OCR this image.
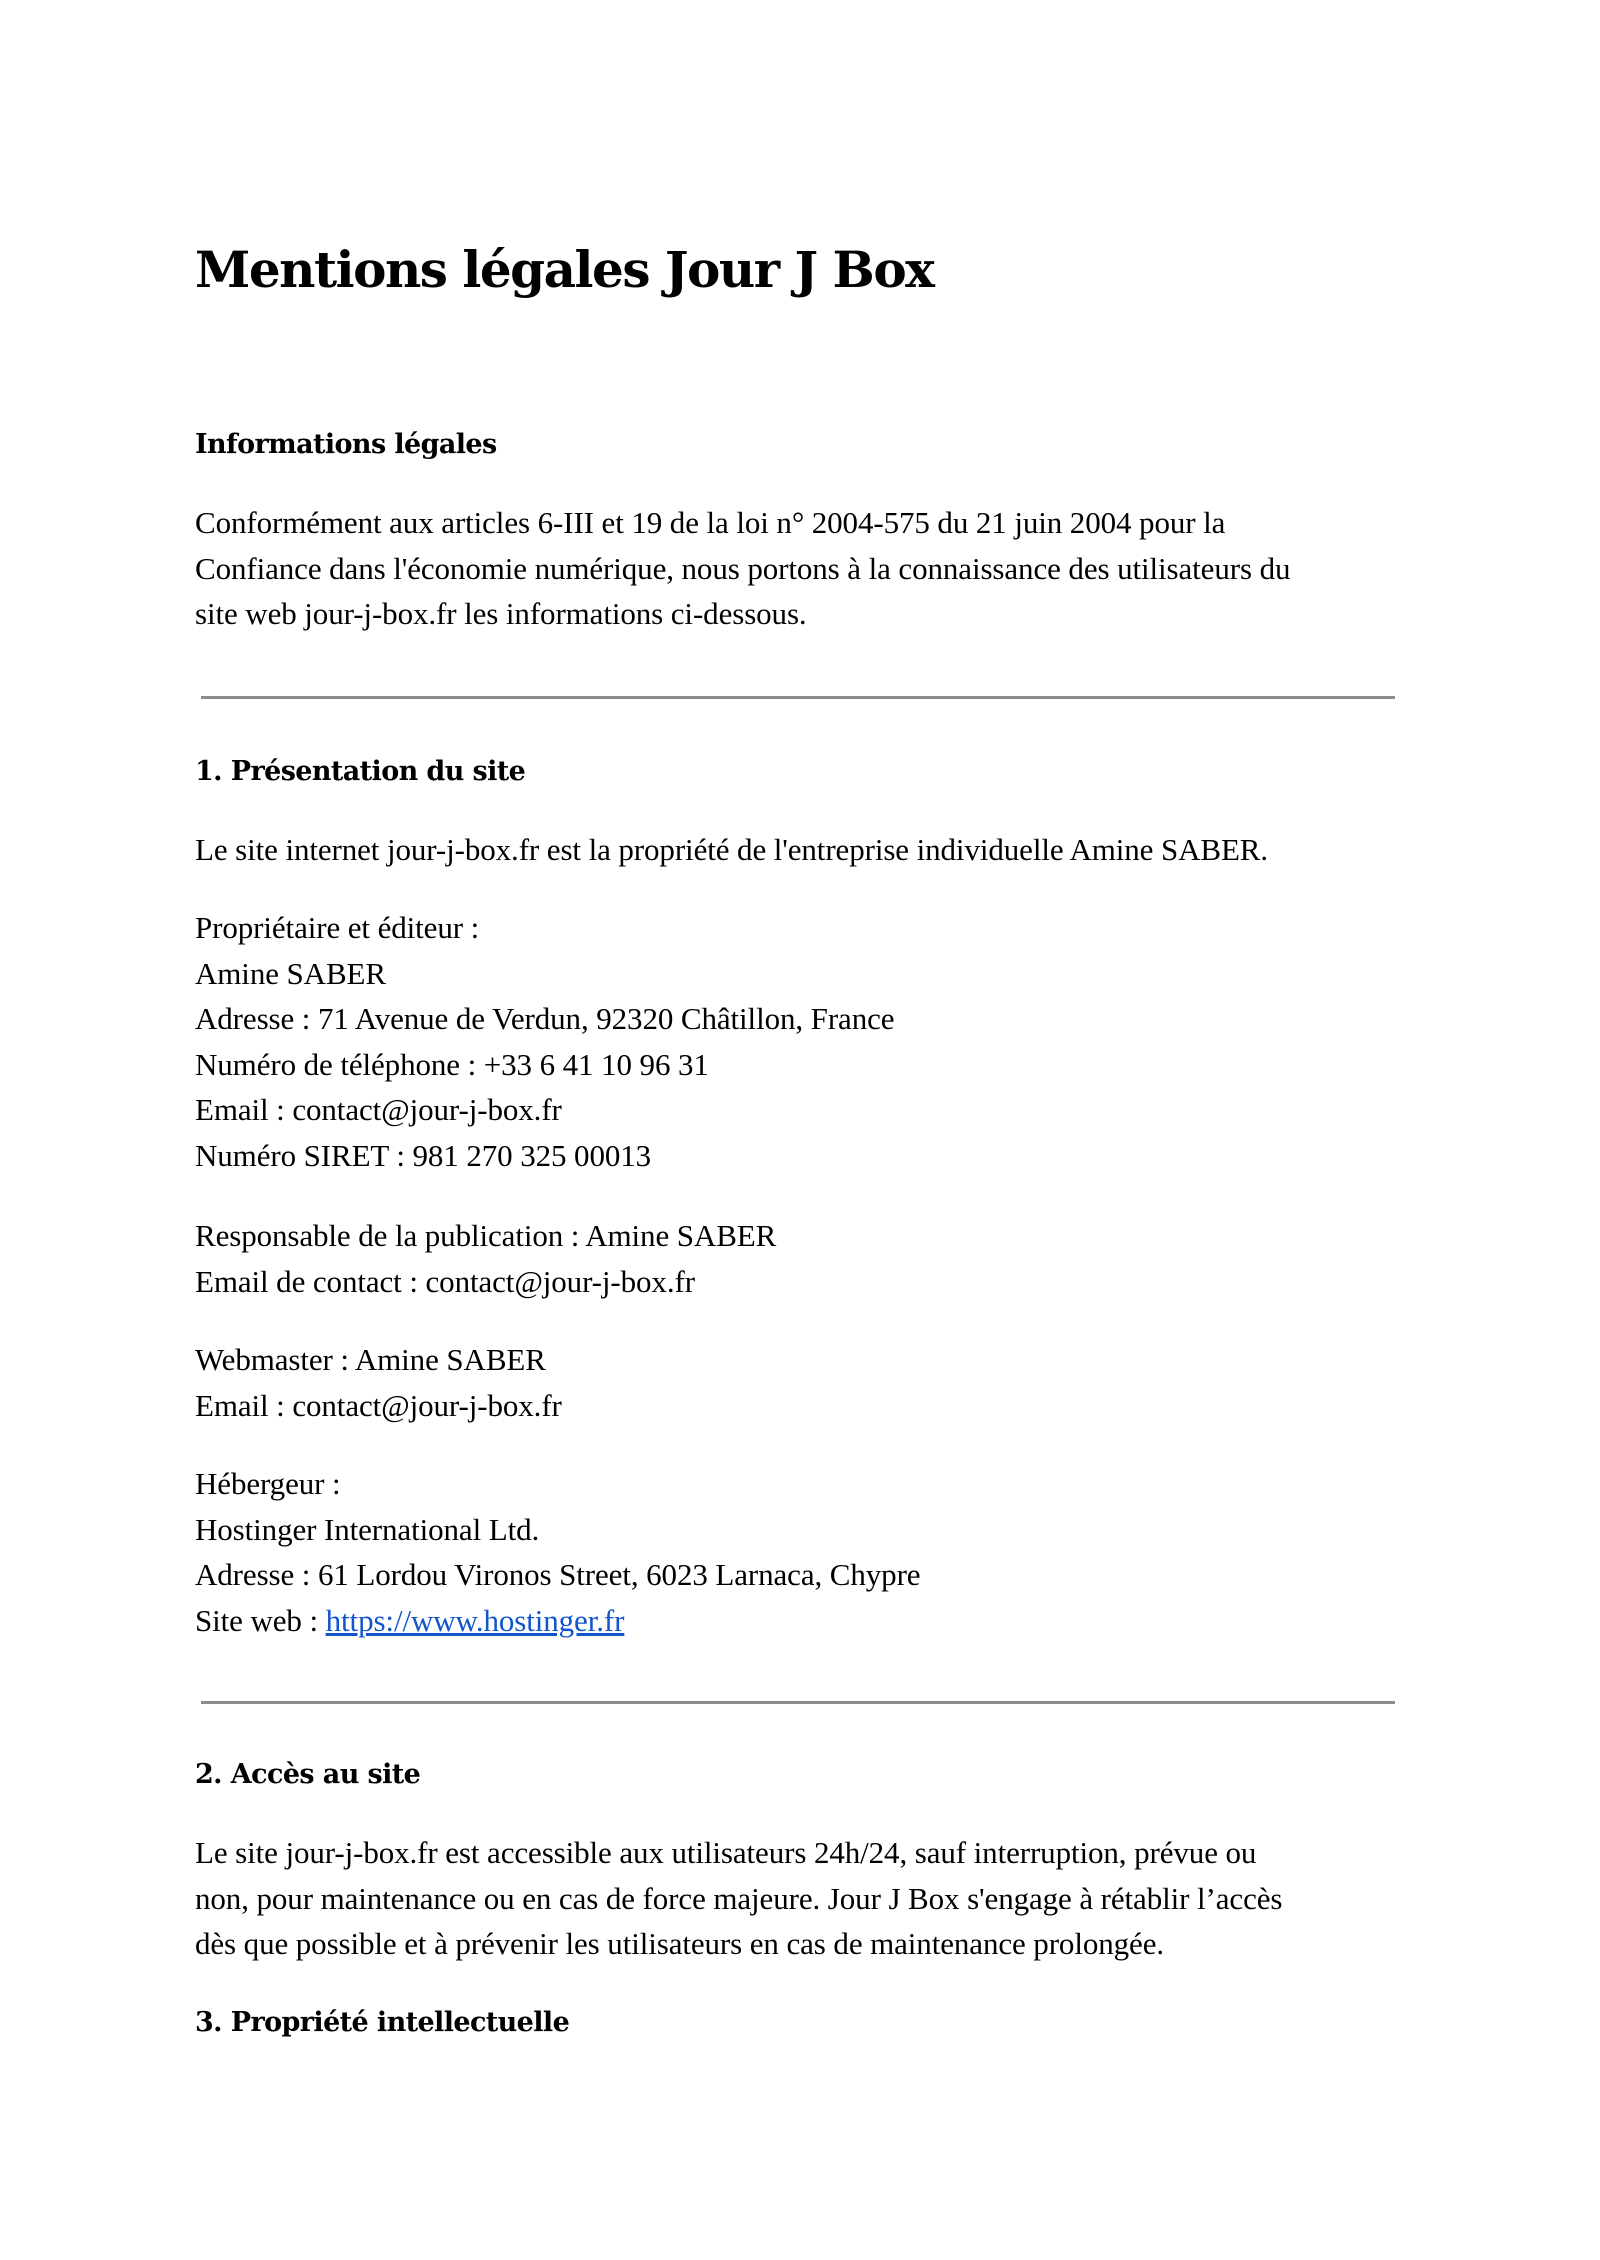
Mentions légales Jour J Box
Informations légales
Conformément aux articles 6-III et 19 de la loi n° 2004-575 du 21 juin 2004 pour la
Confiance dans l'économie numérique, nous portons à la connaissance des utilisateurs du
site web jour-j-box.fr les informations ci-dessous.
1. Présentation du site
Le site internet jour-j-box.fr est la propriété de l'entreprise individuelle Amine SABER.
Propriétaire et éditeur :
Amine SABER
Adresse : 71 Avenue de Verdun, 92320 Châtillon, France
Numéro de téléphone : +33 6 41 10 96 31
Email : contact@jour-j-box.fr
Numéro SIRET : 981 270 325 00013
Responsable de la publication : Amine SABER
Email de contact : contact@jour-j-box.fr
Webmaster : Amine SABER
Email : contact@jour-j-box.fr
Hébergeur :
Hostinger International Ltd.
Adresse : 61 Lordou Vironos Street, 6023 Larnaca, Chypre
Site web : https://www.hostinger.fr
2. Accès au site
Le site jour-j-box.fr est accessible aux utilisateurs 24h/24, sauf interruption, prévue ou
non, pour maintenance ou en cas de force majeure. Jour J Box s'engage à rétablir l’accès
dès que possible et à prévenir les utilisateurs en cas de maintenance prolongée.
3. Propriété intellectuelle
